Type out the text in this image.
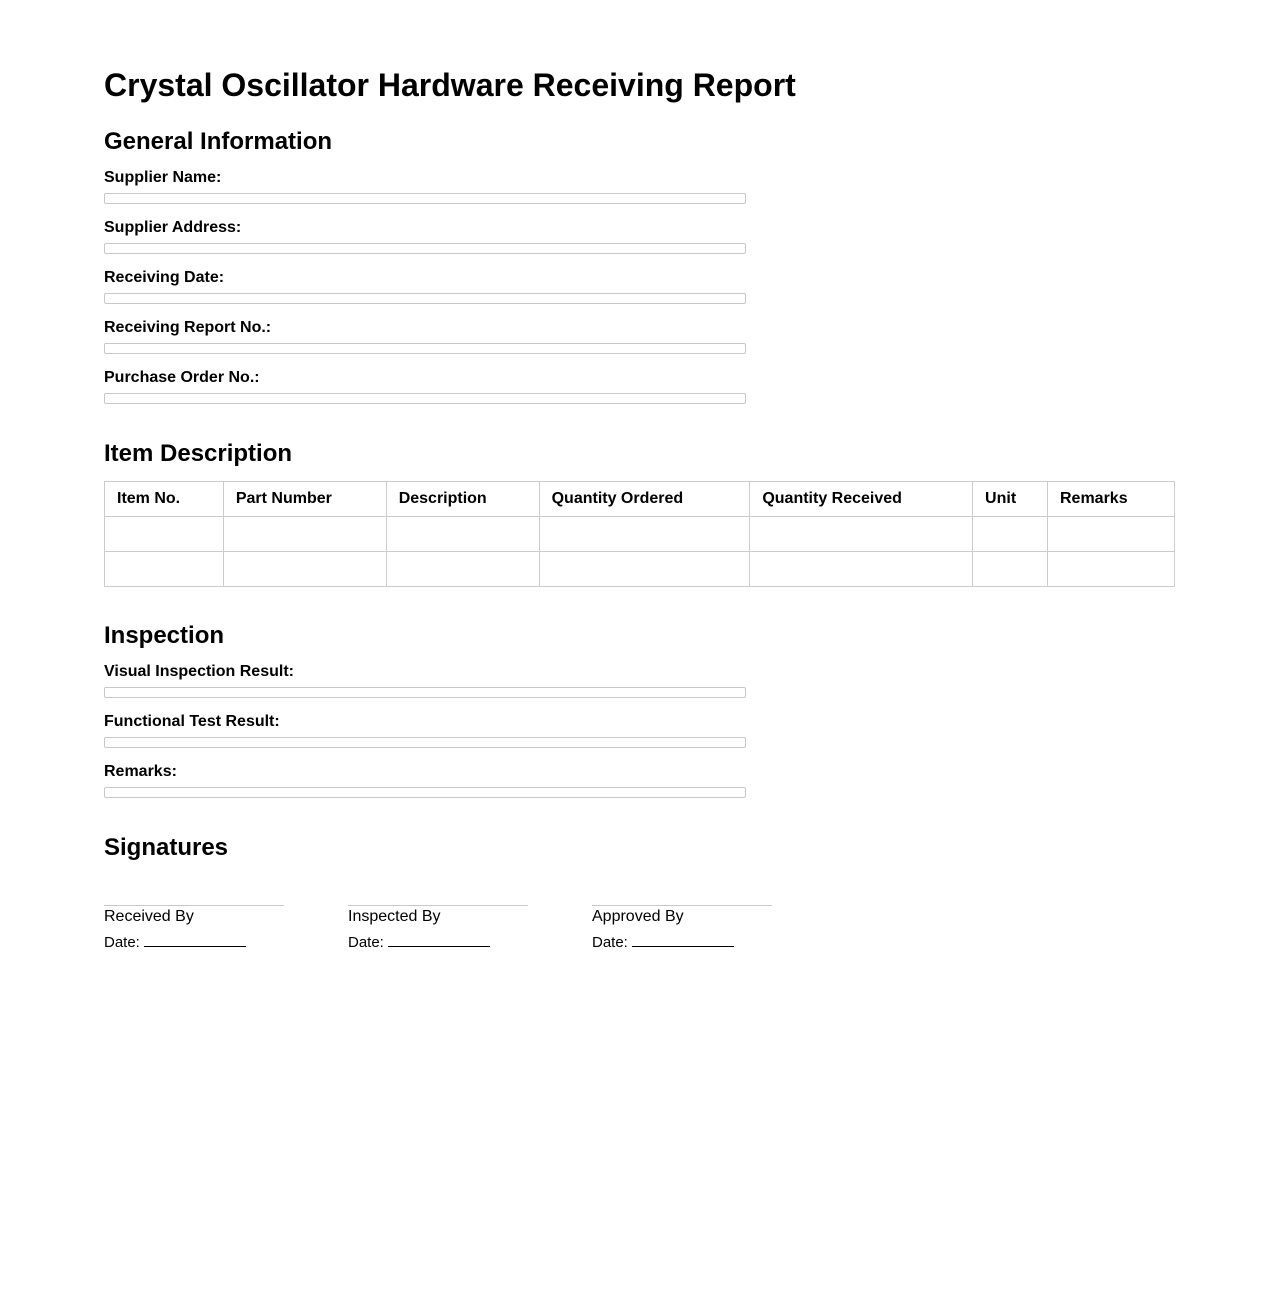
Crystal Oscillator Hardware Receiving Report
General Information
Supplier Name:
Supplier Address:
Receiving Date:
Receiving Report No.:
Purchase Order No.:
Item Description
Item No.	Part Number	Description	Quantity Ordered	Quantity Received	Unit	Remarks

Inspection
Visual Inspection Result:
Functional Test Result:
Remarks:
Signatures
Received By
Date:
Inspected By
Date:
Approved By
Date:
